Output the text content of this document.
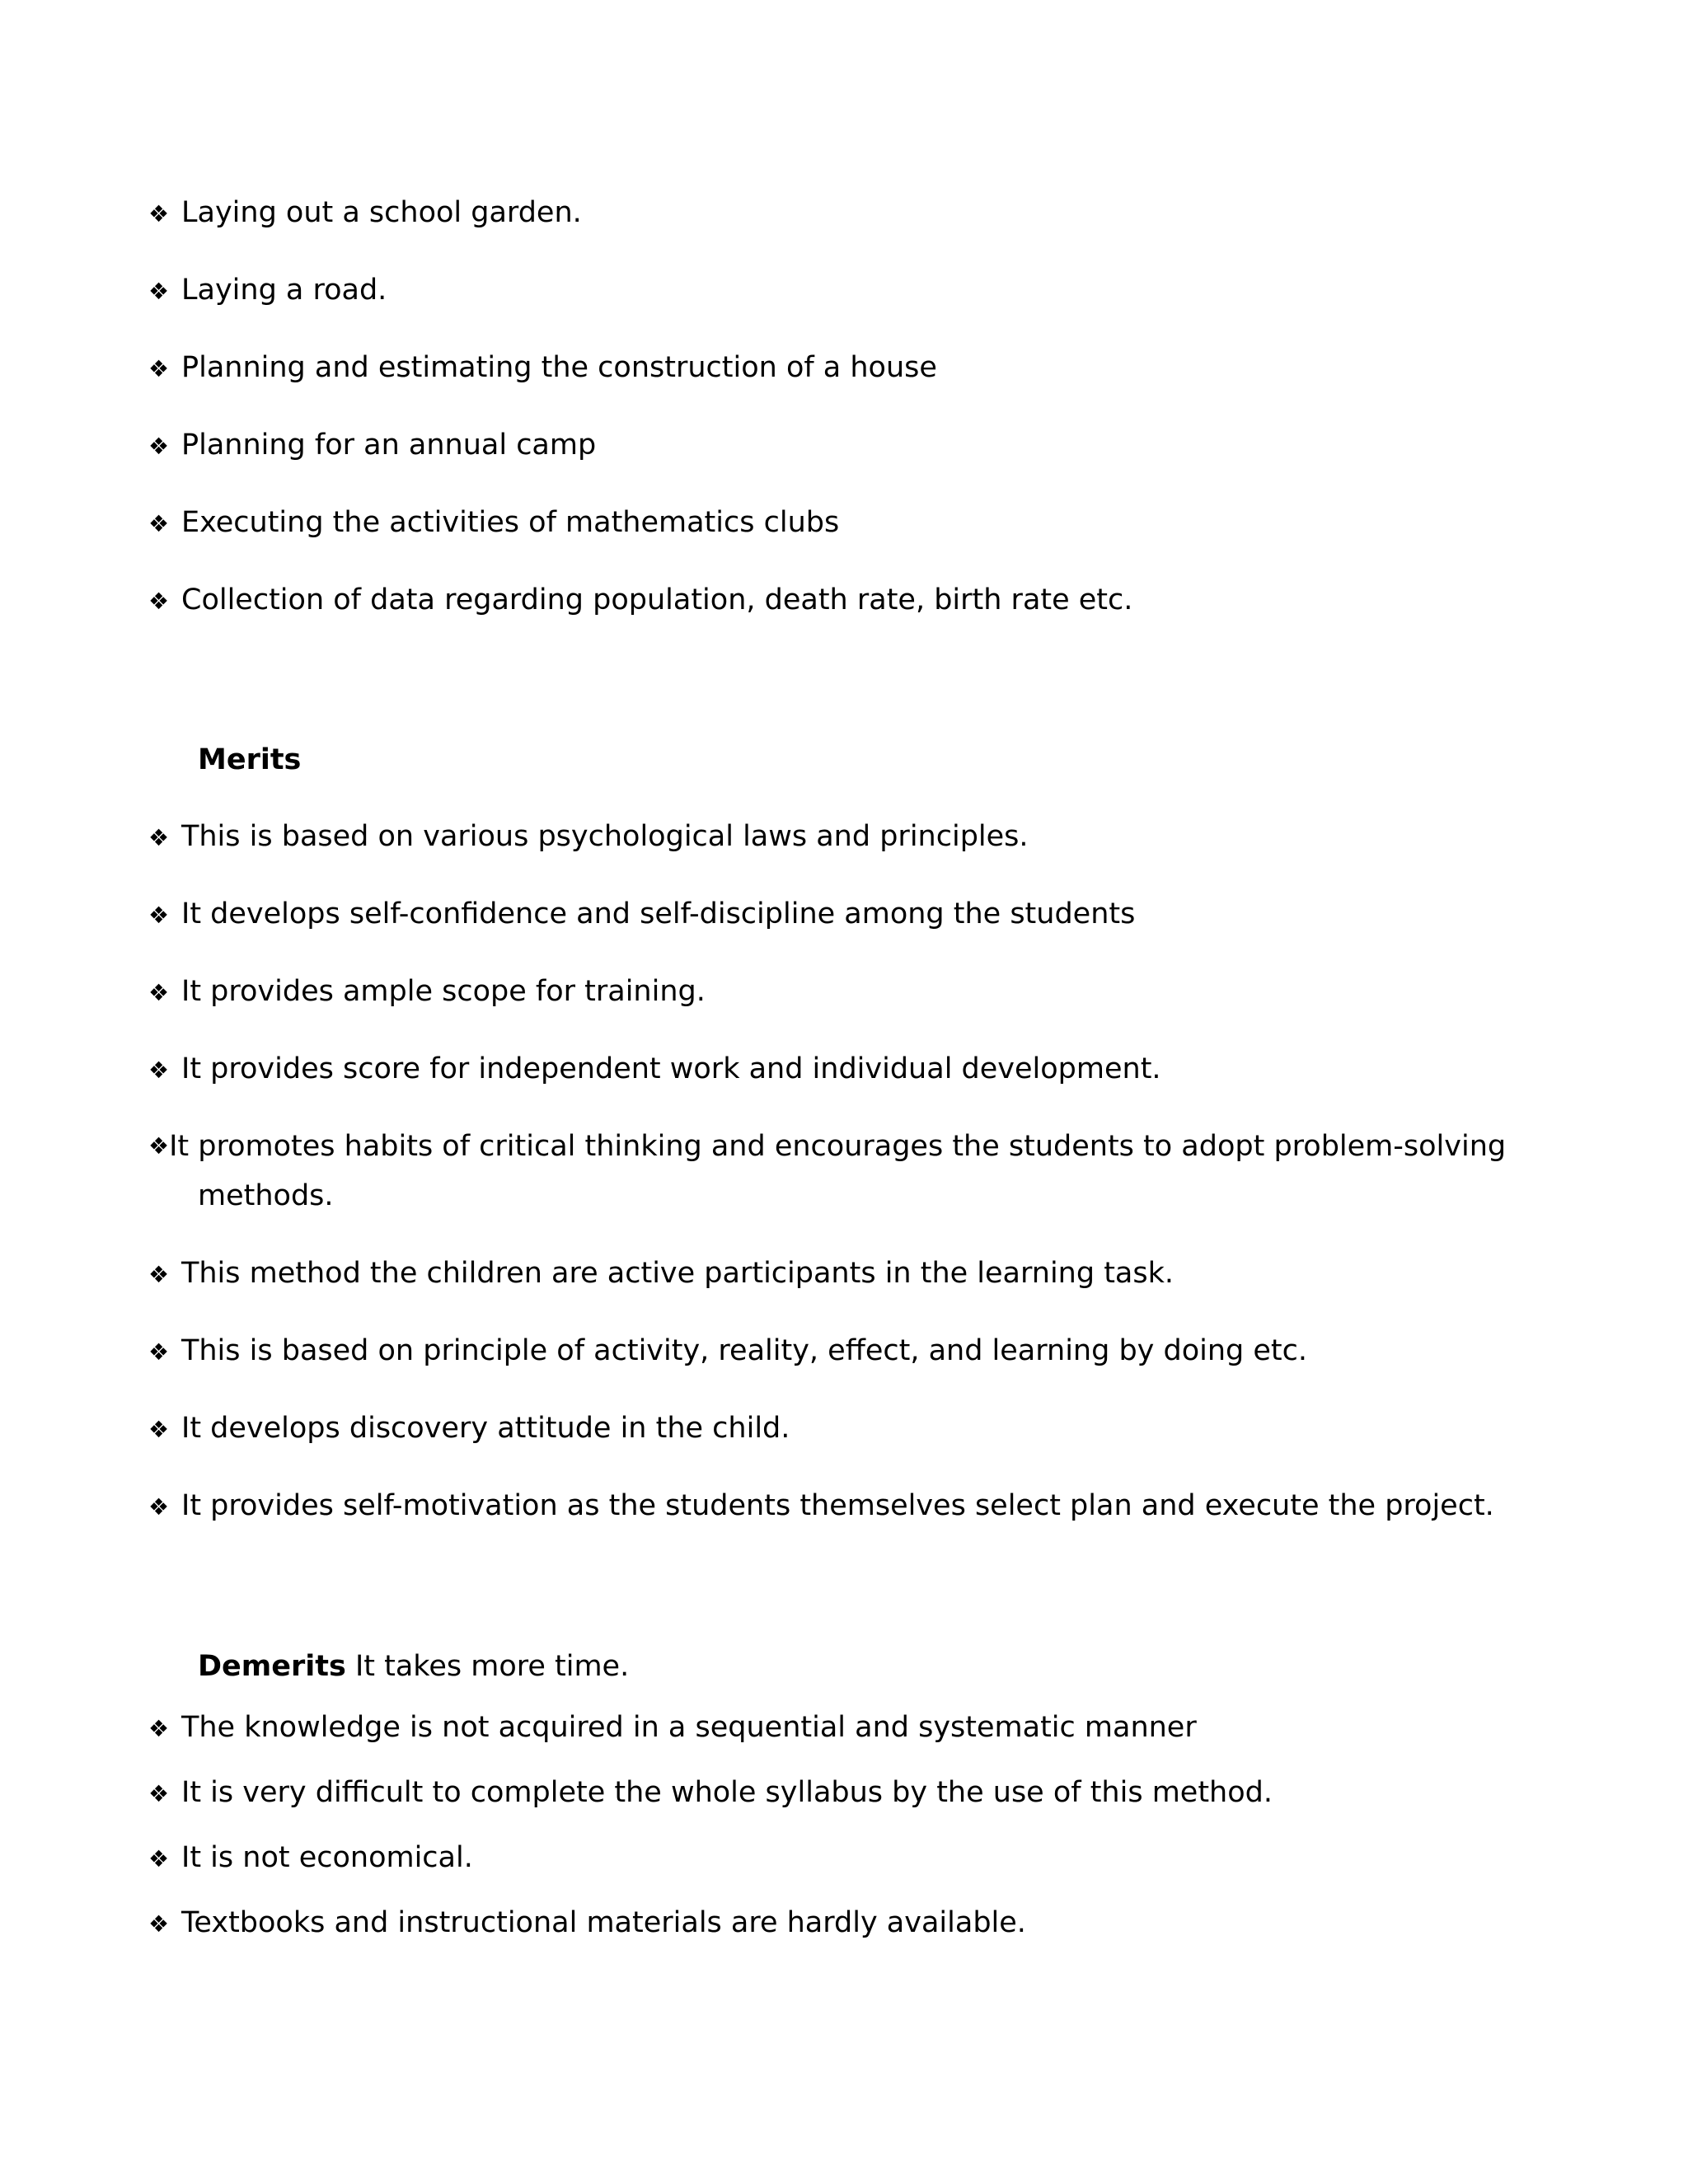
❖ Laying out a school garden.
❖ Laying a road.
❖ Planning and estimating the construction of a house
❖ Planning for an annual camp
❖ Executing the activities of mathematics clubs
❖ Collection of data regarding population, death rate, birth rate etc.
Merits
❖ This is based on various psychological laws and principles.
❖ It develops self-confidence and self-discipline among the students
❖ It provides ample scope for training.
❖ It provides score for independent work and individual development.
❖ It promotes habits of critical thinking and encourages the students to adopt problem-solving
methods.
❖ This method the children are active participants in the learning task.
❖ This is based on principle of activity, reality, effect, and learning by doing etc.
❖ It develops discovery attitude in the child.
❖ It provides self-motivation as the students themselves select plan and execute the project.
Demerits It takes more time.
❖ The knowledge is not acquired in a sequential and systematic manner
❖ It is very difficult to complete the whole syllabus by the use of this method.
❖ It is not economical.
❖ Textbooks and instructional materials are hardly available.
